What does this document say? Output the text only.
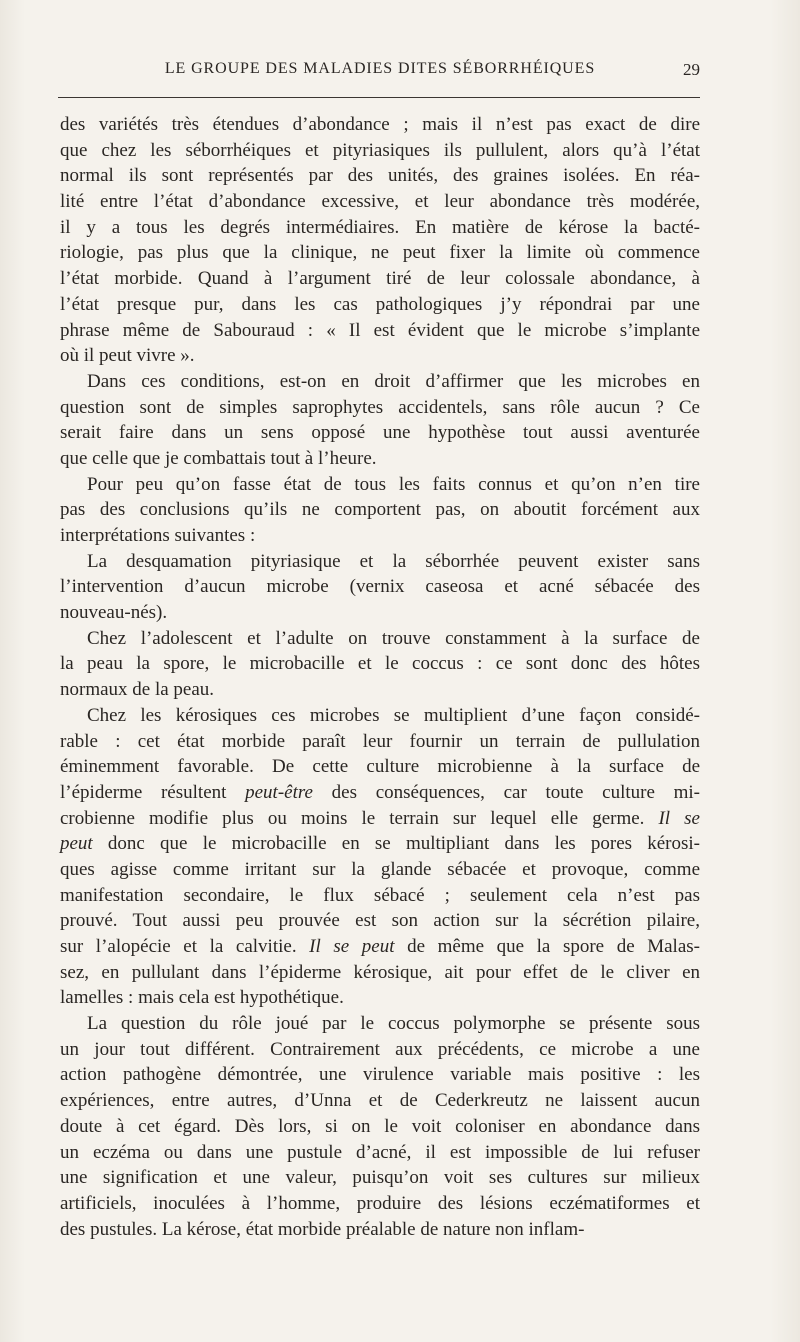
LE GROUPE DES MALADIES DITES SÉBORRHÉIQUES	29
des variétés très étendues d’abondance ; mais il n’est pas exact de dire
que chez les séborrhéiques et pityriasiques ils pullulent, alors qu’à l’état
normal ils sont représentés par des unités, des graines isolées. En réa-
lité entre l’état d’abondance excessive, et leur abondance très modérée,
il y a tous les degrés intermédiaires. En matière de kérose la bacté-
riologie, pas plus que la clinique, ne peut fixer la limite où commence
l’état morbide. Quand à l’argument tiré de leur colossale abondance, à
l’état presque pur, dans les cas pathologiques j’y répondrai par une
phrase même de Sabouraud : « Il est évident que le microbe s’implante
où il peut vivre ».
Dans ces conditions, est-on en droit d’affirmer que les microbes en
question sont de simples saprophytes accidentels, sans rôle aucun ? Ce
serait faire dans un sens opposé une hypothèse tout aussi aventurée
que celle que je combattais tout à l’heure.
Pour peu qu’on fasse état de tous les faits connus et qu’on n’en tire
pas des conclusions qu’ils ne comportent pas, on aboutit forcément aux
interprétations suivantes :
La desquamation pityriasique et la séborrhée peuvent exister sans
l’intervention d’aucun microbe (vernix caseosa et acné sébacée des
nouveau-nés).
Chez l’adolescent et l’adulte on trouve constamment à la surface de
la peau la spore, le microbacille et le coccus : ce sont donc des hôtes
normaux de la peau.
Chez les kérosiques ces microbes se multiplient d’une façon considé-
rable : cet état morbide paraît leur fournir un terrain de pullulation
éminemment favorable. De cette culture microbienne à la surface de
l’épiderme résultent peut-être des conséquences, car toute culture mi-
crobienne modifie plus ou moins le terrain sur lequel elle germe. Il se
peut donc que le microbacille en se multipliant dans les pores kérosi-
ques agisse comme irritant sur la glande sébacée et provoque, comme
manifestation secondaire, le flux sébacé ; seulement cela n’est pas
prouvé. Tout aussi peu prouvée est son action sur la sécrétion pilaire,
sur l’alopécie et la calvitie. Il se peut de même que la spore de Malas-
sez, en pullulant dans l’épiderme kérosique, ait pour effet de le cliver en
lamelles : mais cela est hypothétique.
La question du rôle joué par le coccus polymorphe se présente sous
un jour tout différent. Contrairement aux précédents, ce microbe a une
action pathogène démontrée, une virulence variable mais positive : les
expériences, entre autres, d’Unna et de Cederkreutz ne laissent aucun
doute à cet égard. Dès lors, si on le voit coloniser en abondance dans
un eczéma ou dans une pustule d’acné, il est impossible de lui refuser
une signification et une valeur, puisqu’on voit ses cultures sur milieux
artificiels, inoculées à l’homme, produire des lésions eczématiformes et
des pustules. La kérose, état morbide préalable de nature non inflam-
